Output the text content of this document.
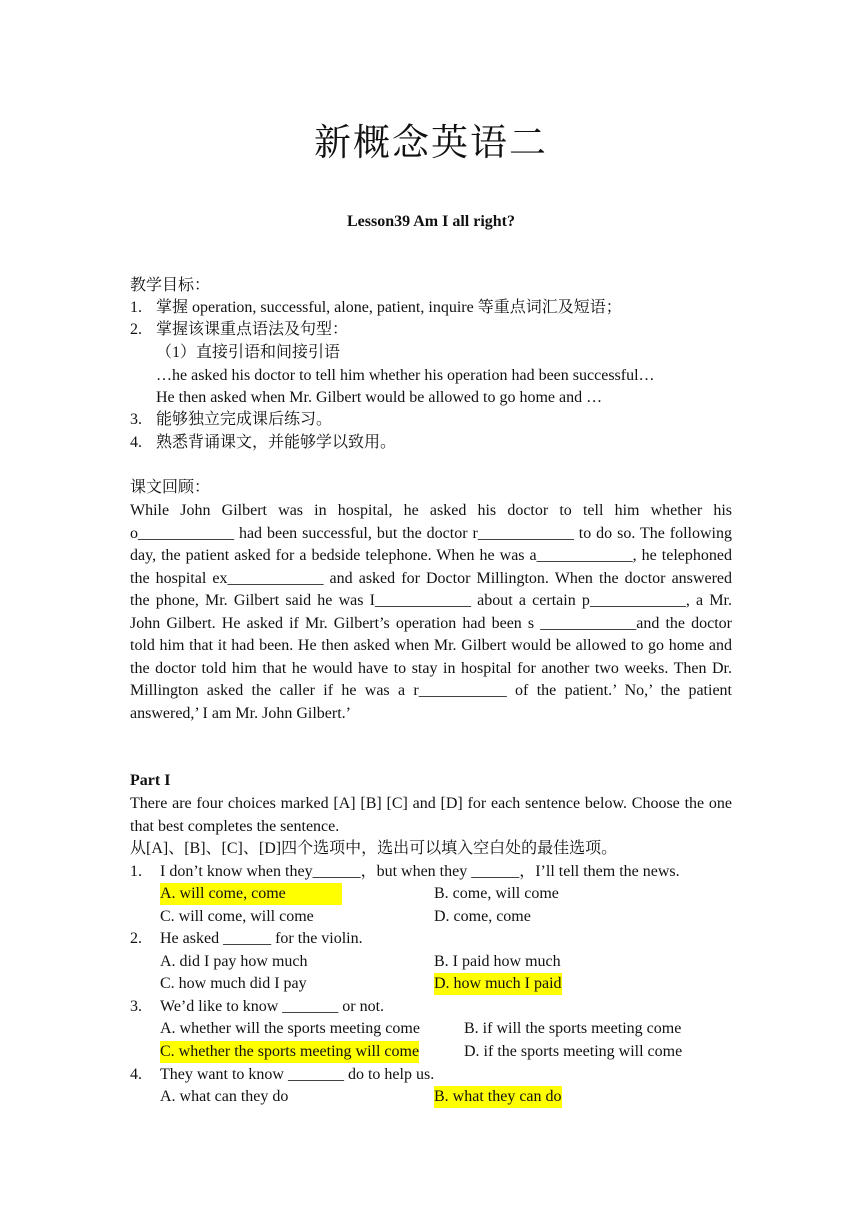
新概念英语二
Lesson39 Am I all right?
教学目标：
1. 掌握 operation, successful, alone, patient, inquire 等重点词汇及短语；
2. 掌握该课重点语法及句型：
（1）直接引语和间接引语
…he asked his doctor to tell him whether his operation had been successful…
He then asked when Mr. Gilbert would be allowed to go home and …
3. 能够独立完成课后练习。
4. 熟悉背诵课文，并能够学以致用。
课文回顾：
While John Gilbert was in hospital, he asked his doctor to tell him whether his o____________ had been successful, but the doctor r____________ to do so. The following day, the patient asked for a bedside telephone. When he was a____________, he telephoned the hospital ex____________ and asked for Doctor Millington. When the doctor answered the phone, Mr. Gilbert said he was I____________ about a certain p____________, a Mr. John Gilbert. He asked if Mr. Gilbert’s operation had been s ____________and the doctor told him that it had been. He then asked when Mr. Gilbert would be allowed to go home and the doctor told him that he would have to stay in hospital for another two weeks. Then Dr. Millington asked the caller if he was a r___________ of the patient.’ No,’ the patient answered,’ I am Mr. John Gilbert.’
Part I
There are four choices marked [A] [B] [C] and [D] for each sentence below. Choose the one that best completes the sentence.
从[A]、[B]、[C]、[D]四个选项中，选出可以填入空白处的最佳选项。
1. I don’t know when they______，but when they ______，I’ll tell them the news.
A. will come, come	B. come, will come
C. will come, will come	D. come, come
2. He asked ______ for the violin.
A. did I pay how much	B. I paid how much
C. how much did I pay	D. how much I paid
3. We’d like to know _______ or not.
A. whether will the sports meeting come	B. if will the sports meeting come
C. whether the sports meeting will come	D. if the sports meeting will come
4. They want to know _______ do to help us.
A. what can they do	B. what they can do
